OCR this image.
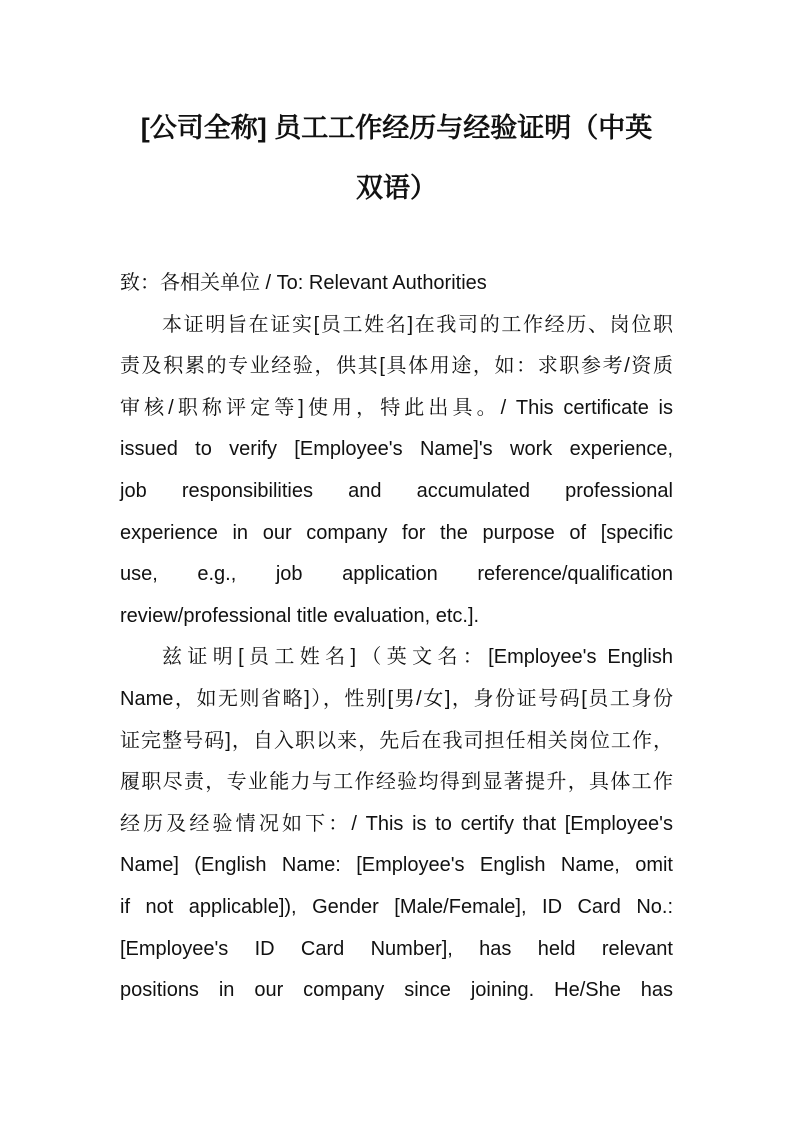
[公司全称] 员工工作经历与经验证明（中英
双语）
致：各相关单位 / To: Relevant Authorities
本证明旨在证实[员工姓名]在我司的工作经历、岗位职
责及积累的专业经验，供其[具体用途，如：求职参考/资质
审核/职称评定等]使用，特此出具。/ This certificate is
issued to verify [Employee's Name]'s work experience,
job responsibilities and accumulated professional
experience in our company for the purpose of [specific
use, e.g., job application reference/qualification
review/professional title evaluation, etc.].
兹证明[员工姓名]（英文名：[Employee's English
Name，如无则省略]），性别[男/女]，身份证号码[员工身份
证完整号码]，自入职以来，先后在我司担任相关岗位工作，
履职尽责，专业能力与工作经验均得到显著提升，具体工作
经历及经验情况如下：/ This is to certify that [Employee's
Name] (English Name: [Employee's English Name, omit
if not applicable]), Gender [Male/Female], ID Card No.:
[Employee's ID Card Number], has held relevant
positions in our company since joining. He/She has
